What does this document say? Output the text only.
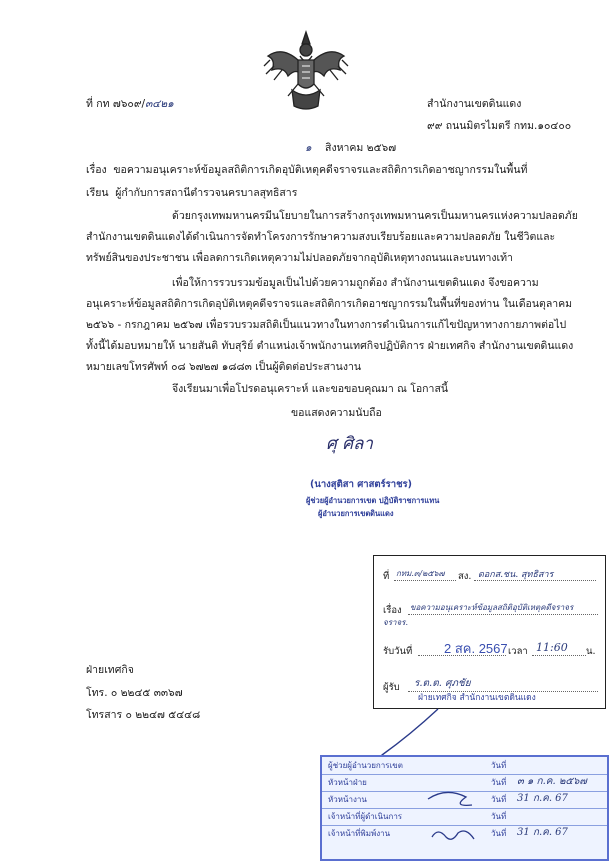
ที่ กท ๗๖๐๙/๓๔๒๑	สำนักงานเขตดินแดง
๙๙ ถนนมิตรไมตรี กทม.๑๐๔๐๐
๑ สิงหาคม ๒๕๖๗
เรื่อง ขอความอนุเคราะห์ข้อมูลสถิติการเกิดอุบัติเหตุคดีจราจรและสถิติการเกิดอาชญากรรมในพื้นที่
เรียน ผู้กำกับการสถานีตำรวจนครบาลสุทธิสาร
ด้วยกรุงเทพมหานครมีนโยบายในการสร้างกรุงเทพมหานครเป็นมหานครแห่งความปลอดภัย
สำนักงานเขตดินแดงได้ดำเนินการจัดทำโครงการรักษาความสงบเรียบร้อยและความปลอดภัย ในชีวิตและ
ทรัพย์สินของประชาชน เพื่อลดการเกิดเหตุความไม่ปลอดภัยจากอุบัติเหตุทางถนนและบนทางเท้า
เพื่อให้การรวบรวมข้อมูลเป็นไปด้วยความถูกต้อง สำนักงานเขตดินแดง จึงขอความ
อนุเคราะห์ข้อมูลสถิติการเกิดอุบัติเหตุคดีจราจรและสถิติการเกิดอาชญากรรมในพื้นที่ของท่าน ในเดือนตุลาคม
๒๕๖๖ - กรกฎาคม ๒๕๖๗ เพื่อรวบรวมสถิติเป็นแนวทางในทางการดำเนินการแก้ไขปัญหาทางกายภาพต่อไป
ทั้งนี้ได้มอบหมายให้ นายสันติ ทับสุริย์ ตำแหน่งเจ้าพนักงานเทศกิจปฏิบัติการ ฝ่ายเทศกิจ สำนักงานเขตดินแดง
หมายเลขโทรศัพท์ ๐๘ ๖๗๒๗ ๑๘๘๓ เป็นผู้ติดต่อประสานงาน
จึงเรียนมาเพื่อโปรดอนุเคราะห์ และขอขอบคุณมา ณ โอกาสนี้
ขอแสดงความนับถือ
ศุ ศิลา
(นางสุติสา ศาสตร์ราชร)
ผู้ช่วยผู้อำนวยการเขต ปฏิบัติราชการแทน
ผู้อำนวยการเขตดินแดง
ที่ กทม.๓/๒๕๖๗ สง. ดอกส.ชน. สุทธิสาร
เรื่อง ขอความอนุเคราะห์ข้อมูลสถิติอุบัติเหตุคดีจราจร
จราจร.
รับวันที่ 2 สค. 2567 เวลา 11:60 น.
ผู้รับ ร.ต.ต. ศุภชัย
ฝ่ายเทศกิจ สำนักงานเขตดินแดง
ฝ่ายเทศกิจ
โทร. ๐ ๒๒๔๕ ๓๓๖๗
โทรสาร ๐ ๒๒๔๗ ๕๔๔๘
ผู้ช่วยผู้อำนวยการเขต	วันที่
หัวหน้าฝ่าย	วันที่ ๓ ๑ ก.ค. ๒๕๖๗
หัวหน้างาน	วันที่ 31 ก.ค. 67
เจ้าหน้าที่ผู้ดำเนินการ	วันที่
เจ้าหน้าที่พิมพ์งาน	วันที่ 31 ก.ค. 67
